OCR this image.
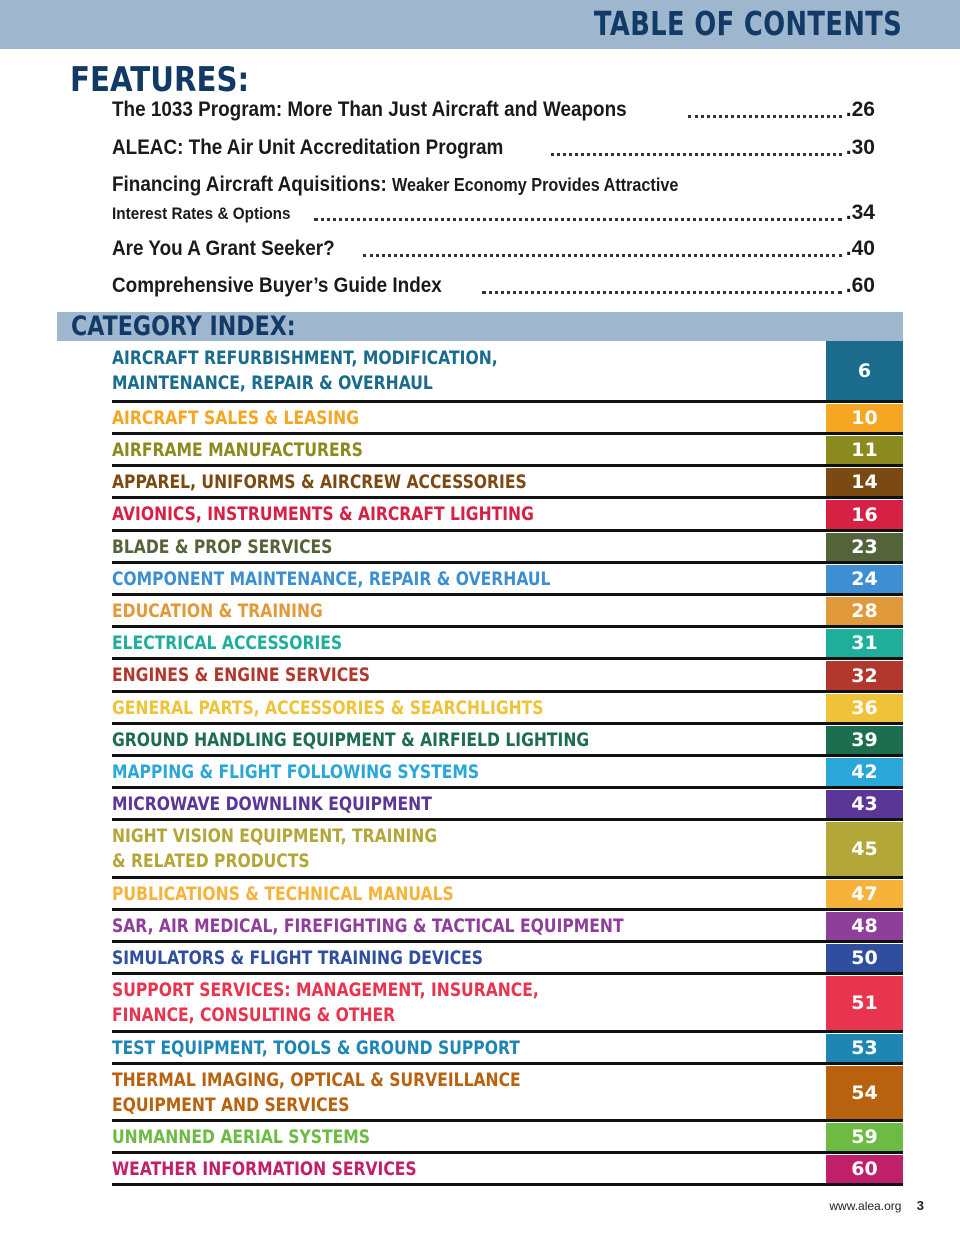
TABLE OF CONTENTS
FEATURES:
The 1033 Program: More Than Just Aircraft and Weapons	.26
ALEAC: The Air Unit Accreditation Program	.30
Financing Aircraft Aquisitions: Weaker Economy Provides Attractive
Interest Rates & Options	.34
Are You A Grant Seeker?	.40
Comprehensive Buyer’s Guide Index	.60
CATEGORY INDEX:
AIRCRAFT REFURBISHMENT, MODIFICATION,
MAINTENANCE, REPAIR & OVERHAUL
6
AIRCRAFT SALES & LEASING	10
AIRFRAME MANUFACTURERS	11
APPAREL, UNIFORMS & AIRCREW ACCESSORIES	14
AVIONICS, INSTRUMENTS & AIRCRAFT LIGHTING	16
BLADE & PROP SERVICES	23
COMPONENT MAINTENANCE, REPAIR & OVERHAUL	24
EDUCATION & TRAINING	28
ELECTRICAL ACCESSORIES	31
ENGINES & ENGINE SERVICES	32
GENERAL PARTS, ACCESSORIES & SEARCHLIGHTS	36
GROUND HANDLING EQUIPMENT & AIRFIELD LIGHTING	39
MAPPING & FLIGHT FOLLOWING SYSTEMS	42
MICROWAVE DOWNLINK EQUIPMENT	43
NIGHT VISION EQUIPMENT, TRAINING
& RELATED PRODUCTS
45
PUBLICATIONS & TECHNICAL MANUALS	47
SAR, AIR MEDICAL, FIREFIGHTING & TACTICAL EQUIPMENT	48
SIMULATORS & FLIGHT TRAINING DEVICES	50
SUPPORT SERVICES: MANAGEMENT, INSURANCE,
FINANCE, CONSULTING & OTHER
51
TEST EQUIPMENT, TOOLS & GROUND SUPPORT	53
THERMAL IMAGING, OPTICAL & SURVEILLANCE
EQUIPMENT AND SERVICES
54
UNMANNED AERIAL SYSTEMS	59
WEATHER INFORMATION SERVICES	60
www.alea.org 3
